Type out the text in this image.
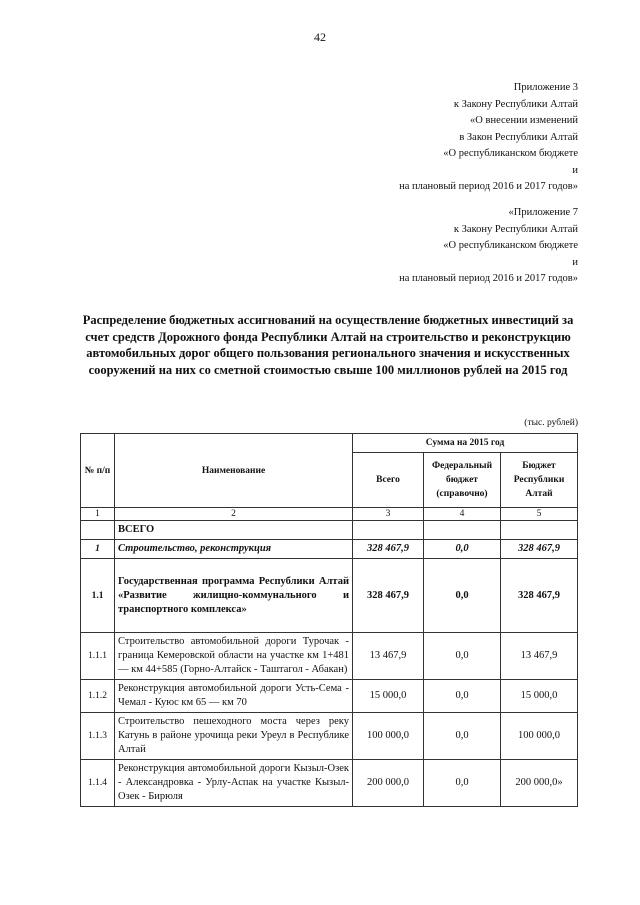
42
Приложение 3
к Закону Республики Алтай
«О внесении изменений
в Закон Республики Алтай
«О республиканском бюджете
и
на плановый период 2016 и 2017 годов»
«Приложение 7
к Закону Республики Алтай
«О республиканском бюджете
и
на плановый период 2016 и 2017 годов»
Распределение бюджетных ассигнований на осуществление бюджетных инвестиций за счет средств Дорожного фонда Республики Алтай на строительство и реконструкцию автомобильных дорог общего пользования регионального значения и искусственных сооружений на них со сметной стоимостью свыше 100 миллионов рублей на 2015 год
(тыс. рублей)
№ п/п	Наименование	Сумма на 2015 год		
		Всего	Федеральный бюджет (справочно)	Бюджет Республики Алтай
1	2	3	4	5
	ВСЕГО			
1	Строительство, реконструкция	328 467,9	0,0	328 467,9
1.1	Государственная программа Республики Алтай «Развитие жилищно-коммунального и транспортного комплекса»	328 467,9	0,0	328 467,9
1.1.1	Строительство автомобильной дороги Турочак - граница Кемеровской области на участке км 1+481 — км 44+585 (Горно-Алтайск - Таштагол - Абакан)	13 467,9	0,0	13 467,9
1.1.2	Реконструкция автомобильной дороги Усть-Сема - Чемал - Куюс км 65 — км 70	15 000,0	0,0	15 000,0
1.1.3	Строительство пешеходного моста через реку Катунь в районе урочища реки Уреул в Республике Алтай	100 000,0	0,0	100 000,0
1.1.4	Реконструкция автомобильной дороги Кызыл-Озек - Александровка - Урлу-Аспак на участке Кызыл-Озек - Бирюля	200 000,0	0,0	200 000,0»
